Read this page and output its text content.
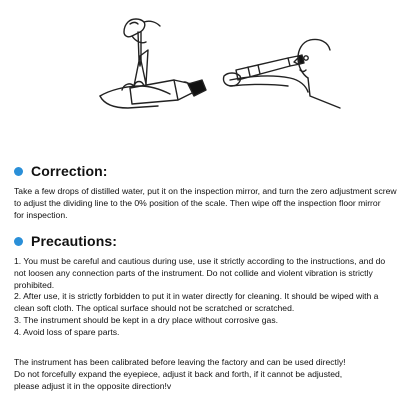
Correction:

Take a few drops of distilled water, put it on the inspection mirror, and turn the zero adjustment screw
to adjust the dividing line to the 0% position of the scale. Then wipe off the inspection floor mirror
for inspection.

Precautions:

1. You must be careful and cautious during use, use it strictly according to the instructions, and do
not loosen any connection parts of the instrument. Do not collide and violent vibration is strictly
prohibited.
2. After use, it is strictly forbidden to put it in water directly for cleaning. It should be wiped with a
clean soft cloth. The optical surface should not be scratched or scratched.
3. The instrument should be kept in a dry place without corrosive gas.
4. Avoid loss of spare parts.

The instrument has been calibrated before leaving the factory and can be used directly!
Do not forcefully expand the eyepiece, adjust it back and forth, if it cannot be adjusted,
please adjust it in the opposite direction!v
